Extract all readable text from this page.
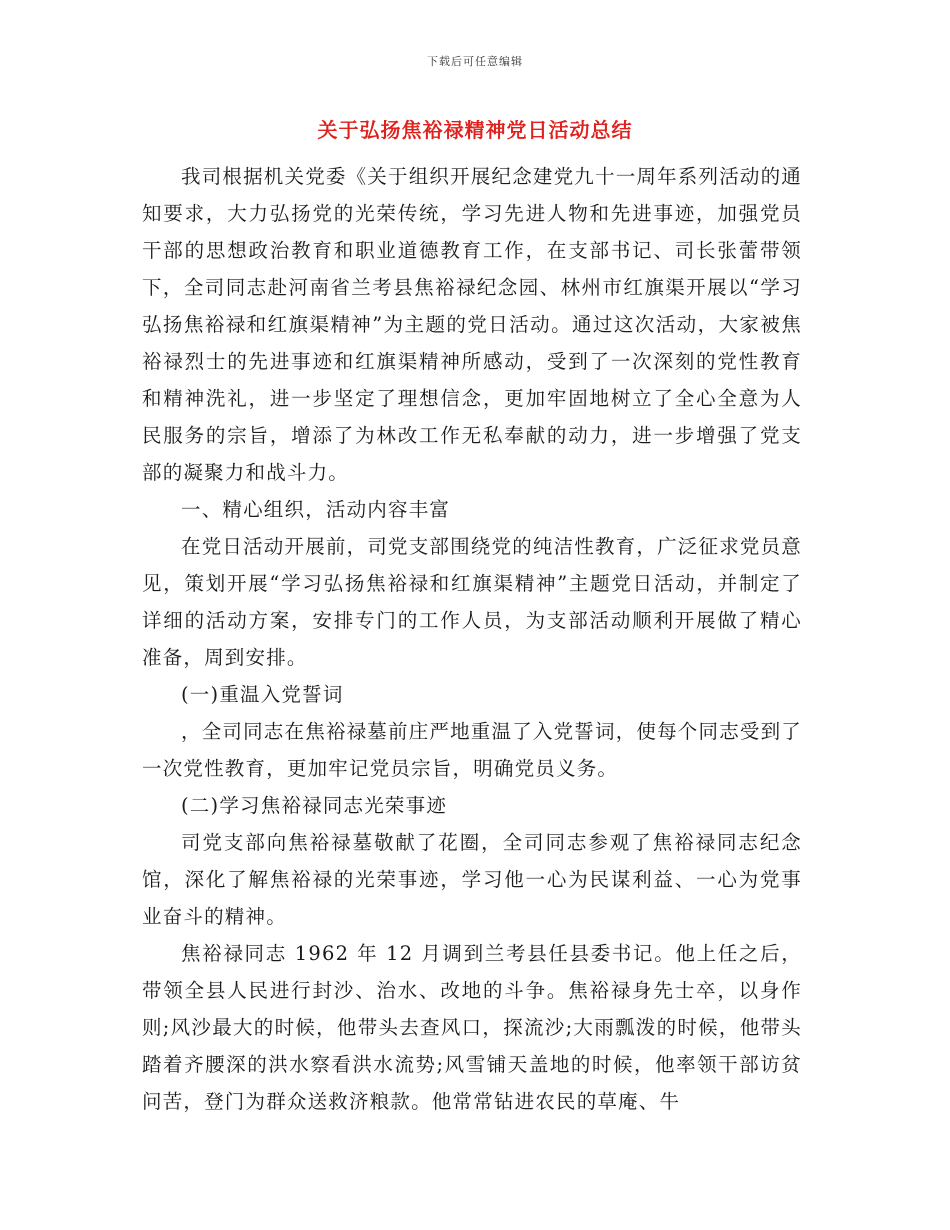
下载后可任意编辑
关于弘扬焦裕禄精神党日活动总结

我司根据机关党委《关于组织开展纪念建党九十一周年系列活动的通知要求，大力弘扬党的光荣传统，学习先进人物和先进事迹，加强党员干部的思想政治教育和职业道德教育工作，在支部书记、司长张蕾带领下，全司同志赴河南省兰考县焦裕禄纪念园、林州市红旗渠开展以“学习弘扬焦裕禄和红旗渠精神”为主题的党日活动。通过这次活动，大家被焦裕禄烈士的先进事迹和红旗渠精神所感动，受到了一次深刻的党性教育和精神洗礼，进一步坚定了理想信念，更加牢固地树立了全心全意为人民服务的宗旨，增添了为林改工作无私奉献的动力，进一步增强了党支部的凝聚力和战斗力。

一、精心组织，活动内容丰富

在党日活动开展前，司党支部围绕党的纯洁性教育，广泛征求党员意见，策划开展“学习弘扬焦裕禄和红旗渠精神”主题党日活动，并制定了详细的活动方案，安排专门的工作人员，为支部活动顺利开展做了精心准备，周到安排。

(一)重温入党誓词

，全司同志在焦裕禄墓前庄严地重温了入党誓词，使每个同志受到了一次党性教育，更加牢记党员宗旨，明确党员义务。

(二)学习焦裕禄同志光荣事迹

司党支部向焦裕禄墓敬献了花圈，全司同志参观了焦裕禄同志纪念馆，深化了解焦裕禄的光荣事迹，学习他一心为民谋利益、一心为党事业奋斗的精神。

焦裕禄同志 1962 年 12 月调到兰考县任县委书记。他上任之后，带领全县人民进行封沙、治水、改地的斗争。焦裕禄身先士卒，以身作则;风沙最大的时候，他带头去查风口，探流沙;大雨瓢泼的时候，他带头踏着齐腰深的洪水察看洪水流势;风雪铺天盖地的时候，他率领干部访贫问苦，登门为群众送救济粮款。他常常钻进农民的草庵、牛
